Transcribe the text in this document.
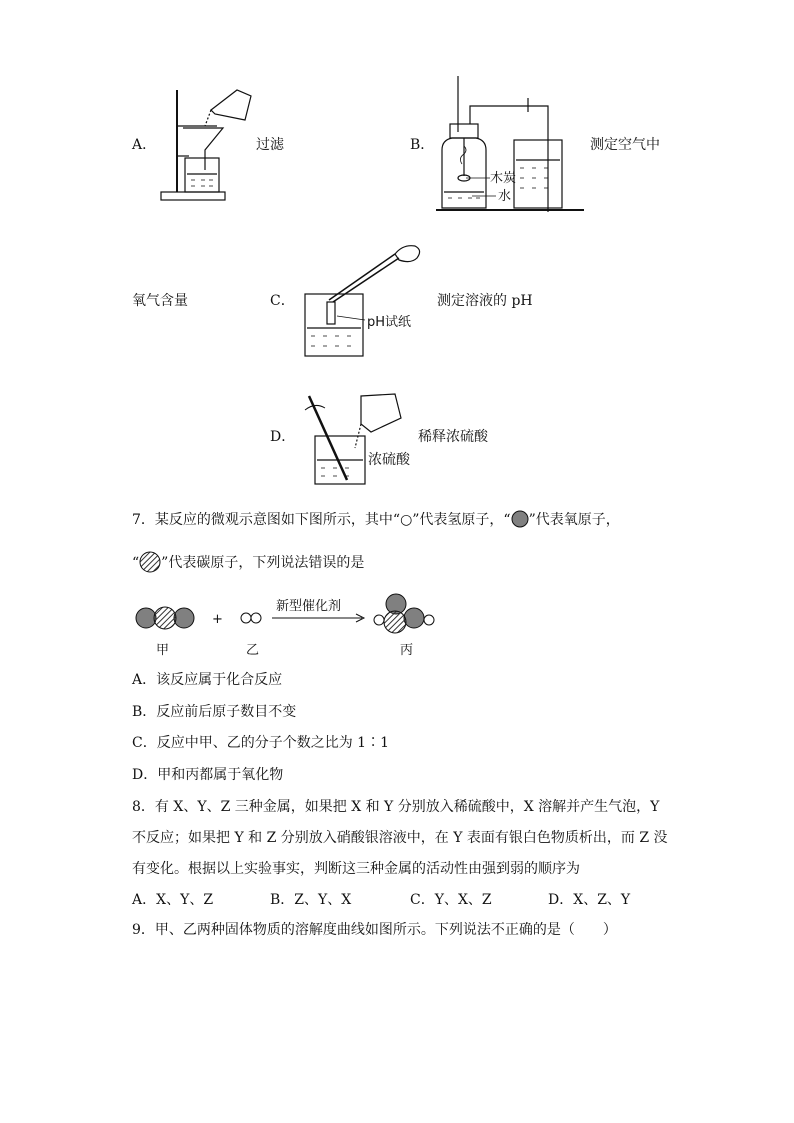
A．	过滤	B．
木炭
水
测定空气中
氧气含量	C．
pH试纸
测定溶液的 pH
D．	稀释浓硫酸
浓硫酸
7．某反应的微观示意图如下图所示，其中“○”代表氢原子，“ ”代表氧原子，
“ ”代表碳原子，下列说法错误的是
+
新型催化剂
甲	乙	丙
A．该反应属于化合反应
B．反应前后原子数目不变
C．反应中甲、乙的分子个数之比为 1∶1
D．甲和丙都属于氧化物
8．有 X、Y、Z 三种金属，如果把 X 和 Y 分别放入稀硫酸中，X 溶解并产生气泡，Y
不反应；如果把 Y 和 Z 分别放入硝酸银溶液中，在 Y 表面有银白色物质析出，而 Z 没
有变化。根据以上实验事实，判断这三种金属的活动性由强到弱的顺序为
A．X、Y、Z	B．Z、Y、X	C．Y、X、Z	D．X、Z、Y
9．甲、乙两种固体物质的溶解度曲线如图所示。下列说法不正确的是（　　）
